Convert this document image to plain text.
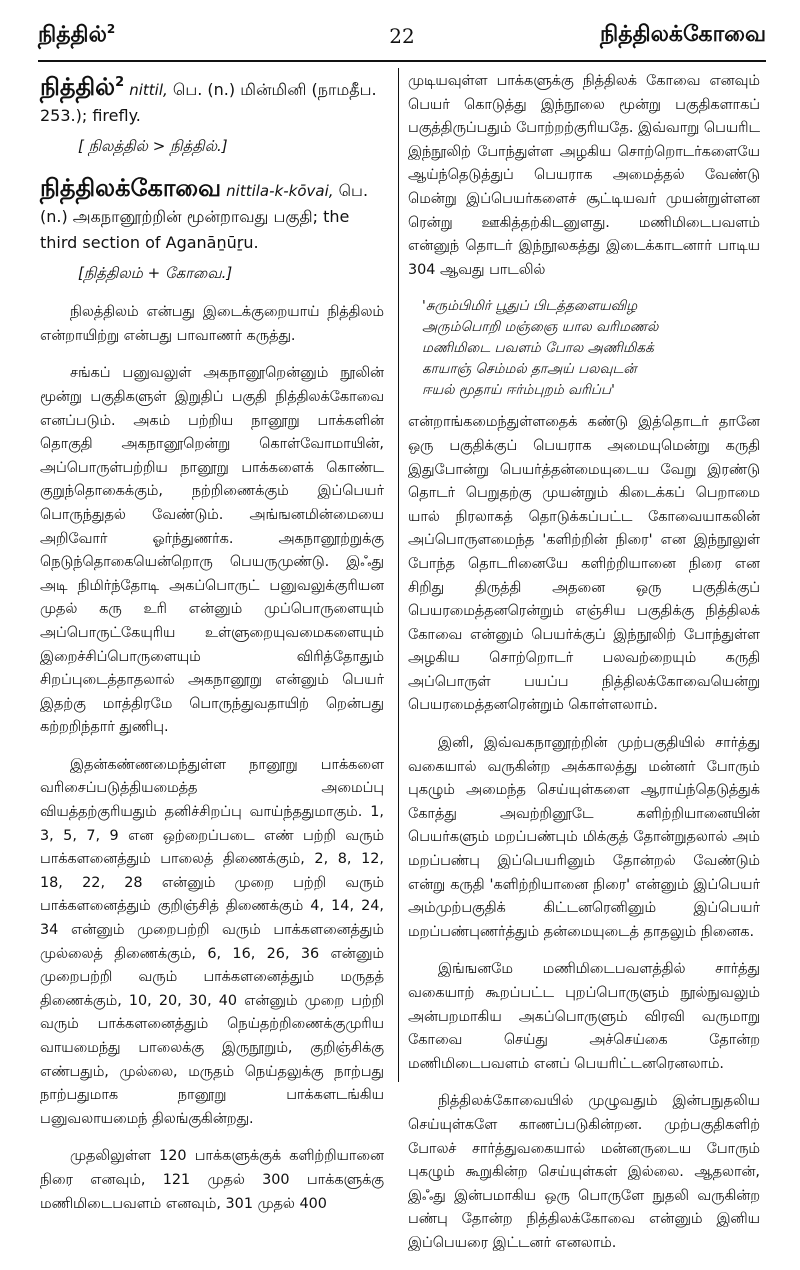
நித்தில்$^2$	22	நித்திலக்கோவை
நித்தில்$^2$ nittil, பெ. (n.) மின்மினி (நாமதீப. 253.); firefly.
[ நிலத்தில் > நித்தில்.]
நித்திலக்கோவை nittila-k-kōvai, பெ. (n.) அகநானூற்றின் மூன்றாவது பகுதி; the third section of Aganāṉūṟu.
[நித்திலம் + கோவை.]

நிலத்திலம் என்பது இடைக்குறையாய் நித்திலம் என்றாயிற்று என்பது பாவாணர் கருத்து.

சங்கப் பனுவலுள் அகநானூறென்னும் நூலின் மூன்று பகுதிகளுள் இறுதிப் பகுதி நித்திலக்கோவை எனப்படும். அகம் பற்றிய நானூறு பாக்களின் தொகுதி அகநானூறென்று கொள்வோமாயின், அப்பொருள்பற்றிய நானூறு பாக்களைக் கொண்ட குறுந்தொகைக்கும், நற்றிணைக்கும் இப்பெயர் பொருந்துதல் வேண்டும். அங்ஙனமின்மையை அறிவோர் ஓர்ந்துணர்க. அகநானூற்றுக்கு நெடுந்தொகையென்றொரு பெயருமுண்டு. இஃது அடி நிமிர்ந்தோடி அகப்பொருட் பனுவலுக்குரியன முதல் கரு உரி என்னும் முப்பொருளையும் அப்பொருட்கேயுரிய உள்ளுறையுவமைகளையும் இறைச்சிப்பொருளையும் விரித்தோதும் சிறப்புடைத்தாதலால் அகநானூறு என்னும் பெயர் இதற்கு மாத்திரமே பொருந்துவதாயிற் றென்பது கற்றறிந்தார் துணிபு.

இதன்கண்ணமைந்துள்ள நானூறு பாக்களை வரிசைப்படுத்தியமைத்த அமைப்பு வியத்தற்குரியதும் தனிச்சிறப்பு வாய்ந்ததுமாகும். 1, 3, 5, 7, 9 என ஒற்றைப்படை எண் பற்றி வரும் பாக்களனைத்தும் பாலைத் திணைக்கும், 2, 8, 12, 18, 22, 28 என்னும் முறை பற்றி வரும் பாக்களனைத்தும் குறிஞ்சித் திணைக்கும் 4, 14, 24, 34 என்னும் முறைபற்றி வரும் பாக்களனைத்தும் முல்லைத் திணைக்கும், 6, 16, 26, 36 என்னும் முறைபற்றி வரும் பாக்களனைத்தும் மருதத் திணைக்கும், 10, 20, 30, 40 என்னும் முறை பற்றி வரும் பாக்களனைத்தும் நெய்தற்றிணைக்குமுரிய வாயமைந்து பாலைக்கு இருநூறும், குறிஞ்சிக்கு எண்பதும், முல்லை, மருதம் நெய்தலுக்கு நாற்பது நாற்பதுமாக நானூறு பாக்களடங்கிய பனுவலாயமைந் திலங்குகின்றது.

முதலிலுள்ள 120 பாக்களுக்குக் களிற்றியானை நிரை எனவும், 121 முதல் 300 பாக்களுக்கு மணிமிடைபவளம் எனவும், 301 முதல் 400

முடியவுள்ள பாக்களுக்கு நித்திலக் கோவை எனவும் பெயர் கொடுத்து இந்நூலை மூன்று பகுதிகளாகப் பகுத்திருப்பதும் போற்றற்குரியதே. இவ்வாறு பெயரிட இந்நூலிற் போந்துள்ள அழகிய சொற்றொடர்களையே ஆய்ந்தெடுத்துப் பெயராக அமைத்தல் வேண்டு மென்று இப்பெயர்களைச் சூட்டியவர் முயன்றுள்ளன ரென்று ஊகித்தற்கிடனுளது. மணிமிடைபவளம் என்னுந் தொடர் இந்நூலகத்து இடைக்காடனார் பாடிய 304 ஆவது பாடலில்

'சுரும்பிமிர் பூதுப் பிடத்தளையவிழ
அரும்பொறி மஞ்ஞை யால வரிமணல்
மணிமிடை பவளம் போல அணிமிகக்
காயாஞ் செம்மல் தாஅய் பலவுடன்
ஈயல் மூதாய் ஈர்ம்புறம் வரிப்ப'

என்றாங்கமைந்துள்ளதைக் கண்டு இத்தொடர் தானே ஒரு பகுதிக்குப் பெயராக அமையுமென்று கருதி இதுபோன்று பெயர்த்தன்மையுடைய வேறு இரண்டு தொடர் பெறுதற்கு முயன்றும் கிடைக்கப் பெறாமை யால் நிரலாகத் தொடுக்கப்பட்ட கோவையாகலின் அப்பொருளமைந்த 'களிற்றின் நிரை' என இந்நூலுள் போந்த தொடரினையே களிற்றியானை நிரை என சிறிது திருத்தி அதனை ஒரு பகுதிக்குப் பெயரமைத்தனரென்றும் எஞ்சிய பகுதிக்கு நித்திலக் கோவை என்னும் பெயர்க்குப் இந்நூலிற் போந்துள்ள அழகிய சொற்றொடர் பலவற்றையும் கருதி அப்பொருள் பயப்ப நித்திலக்கோவையென்று பெயரமைத்தனரென்றும் கொள்ளலாம்.

இனி, இவ்வகநானூற்றின் முற்பகுதியில் சார்த்து வகையால் வருகின்ற அக்காலத்து மன்னர் போரும் புகழும் அமைந்த செய்யுள்களை ஆராய்ந்தெடுத்துக் கோத்து அவற்றினூடே களிற்றியானையின் பெயர்களும் மறப்பண்பும் மிக்குத் தோன்றுதலால் அம் மறப்பண்பு இப்பெயரினும் தோன்றல் வேண்டும் என்று கருதி 'களிற்றியானை நிரை' என்னும் இப்பெயர் அம்முற்பகுதிக் கிட்டனரெனினும் இப்பெயர் மறப்பண்புணர்த்தும் தன்மையுடைத் தாதலும் நினைக.

இங்ஙனமே மணிமிடைபவளத்தில் சார்த்து வகையாற் கூறப்பட்ட புறப்பொருளும் நூல்நுவலும் அன்பறமாகிய அகப்பொருளும் விரவி வருமாறு கோவை செய்து அச்செய்கை தோன்ற மணிமிடைபவளம் எனப் பெயரிட்டனரெனலாம்.

நித்திலக்கோவையில் முழுவதும் இன்பநுதலிய செய்யுள்களே காணப்படுகின்றன. முற்பகுதிகளிற் போலச் சார்த்துவகையால் மன்னருடைய போரும் புகழும் கூறுகின்ற செய்யுள்கள் இல்லை. ஆதலான், இஃது இன்பமாகிய ஒரு பொருளே நுதலி வருகின்ற பண்பு தோன்ற நித்திலக்கோவை என்னும் இனிய இப்பெயரை இட்டனர் எனலாம்.
